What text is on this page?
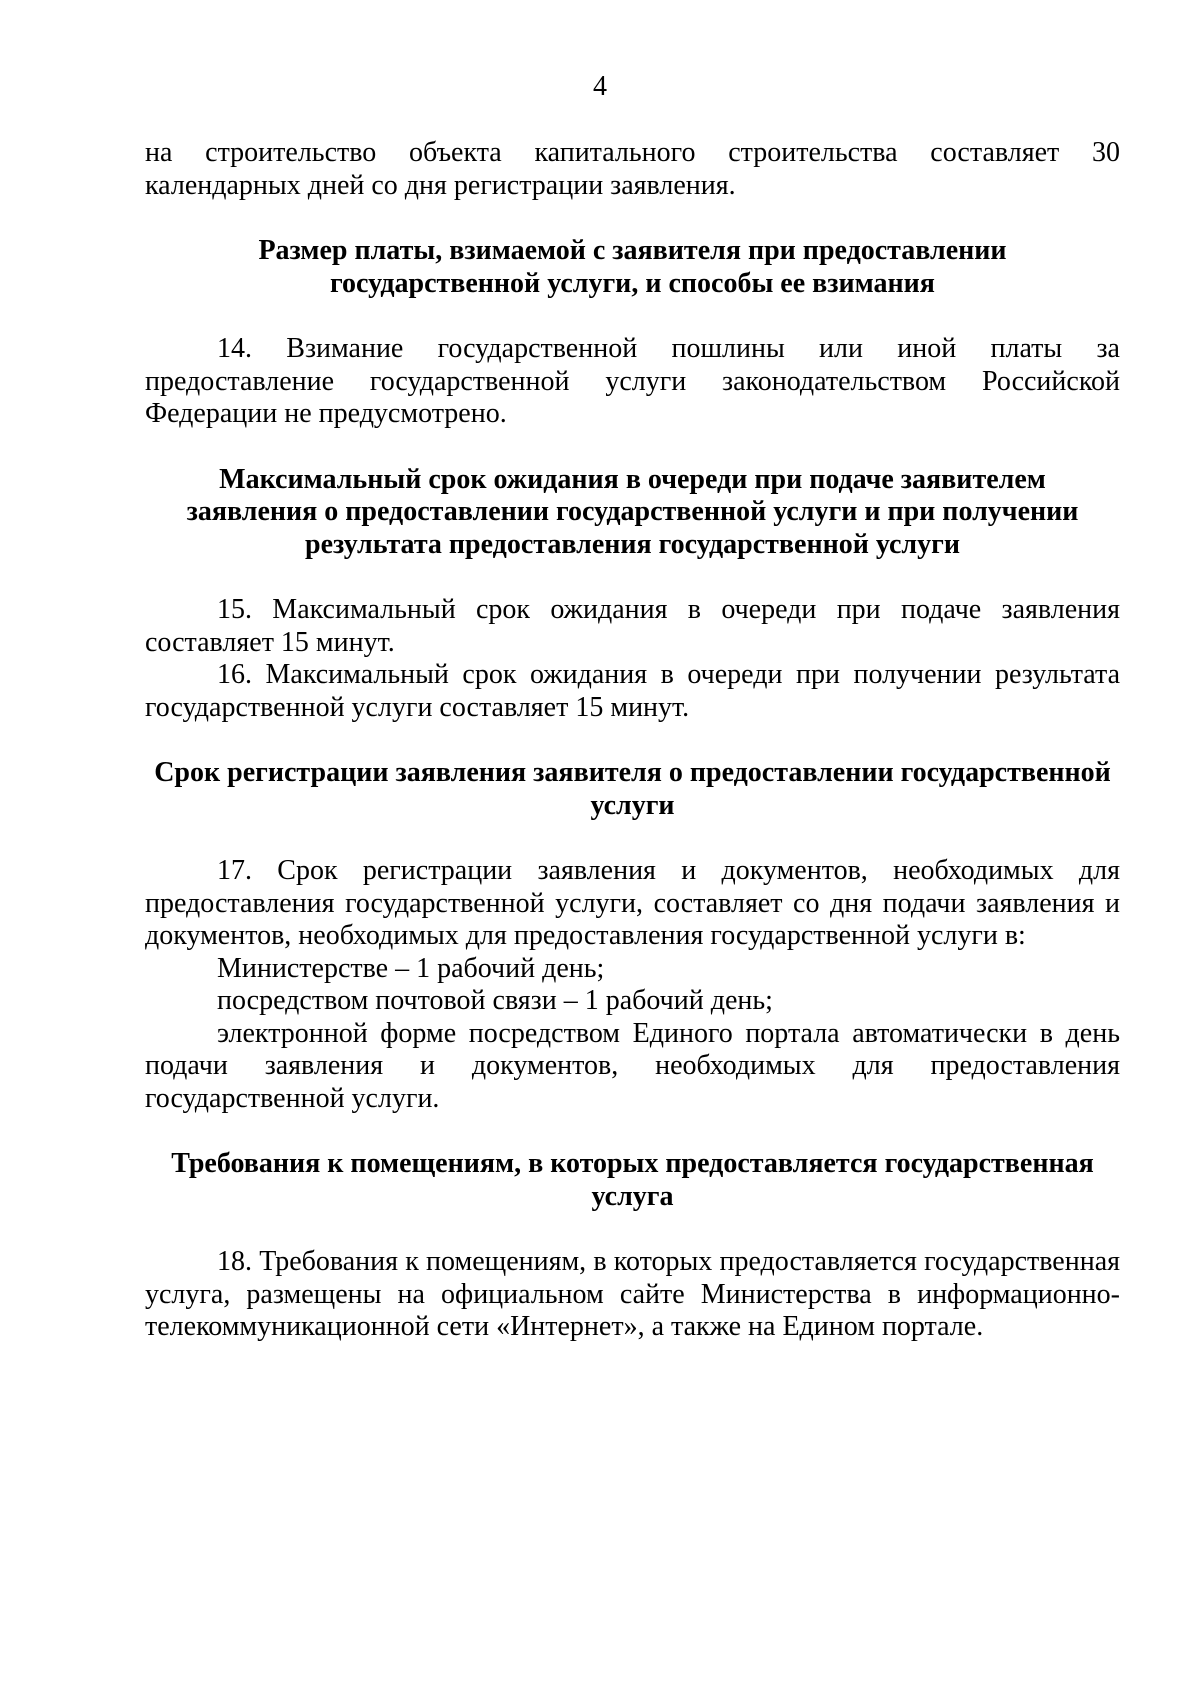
4

на строительство объекта капитального строительства составляет 30 календарных дней со дня регистрации заявления.

Размер платы, взимаемой с заявителя при предоставлении
государственной услуги, и способы ее взимания

14. Взимание государственной пошлины или иной платы за предоставление государственной услуги законодательством Российской Федерации не предусмотрено.

Максимальный срок ожидания в очереди при подаче заявителем
заявления о предоставлении государственной услуги и при получении
результата предоставления государственной услуги

15. Максимальный срок ожидания в очереди при подаче заявления составляет 15 минут.

16. Максимальный срок ожидания в очереди при получении результата государственной услуги составляет 15 минут.

Срок регистрации заявления заявителя о предоставлении государственной
услуги

17. Срок регистрации заявления и документов, необходимых для предоставления государственной услуги, составляет со дня подачи заявления и документов, необходимых для предоставления государственной услуги в:

Министерстве – 1 рабочий день;

посредством почтовой связи – 1 рабочий день;

электронной форме посредством Единого портала автоматически в день подачи заявления и документов, необходимых для предоставления государственной услуги.

Требования к помещениям, в которых предоставляется государственная
услуга

18. Требования к помещениям, в которых предоставляется государственная услуга, размещены на официальном сайте Министерства в информационно-телекоммуникационной сети «Интернет», а также на Едином портале.
